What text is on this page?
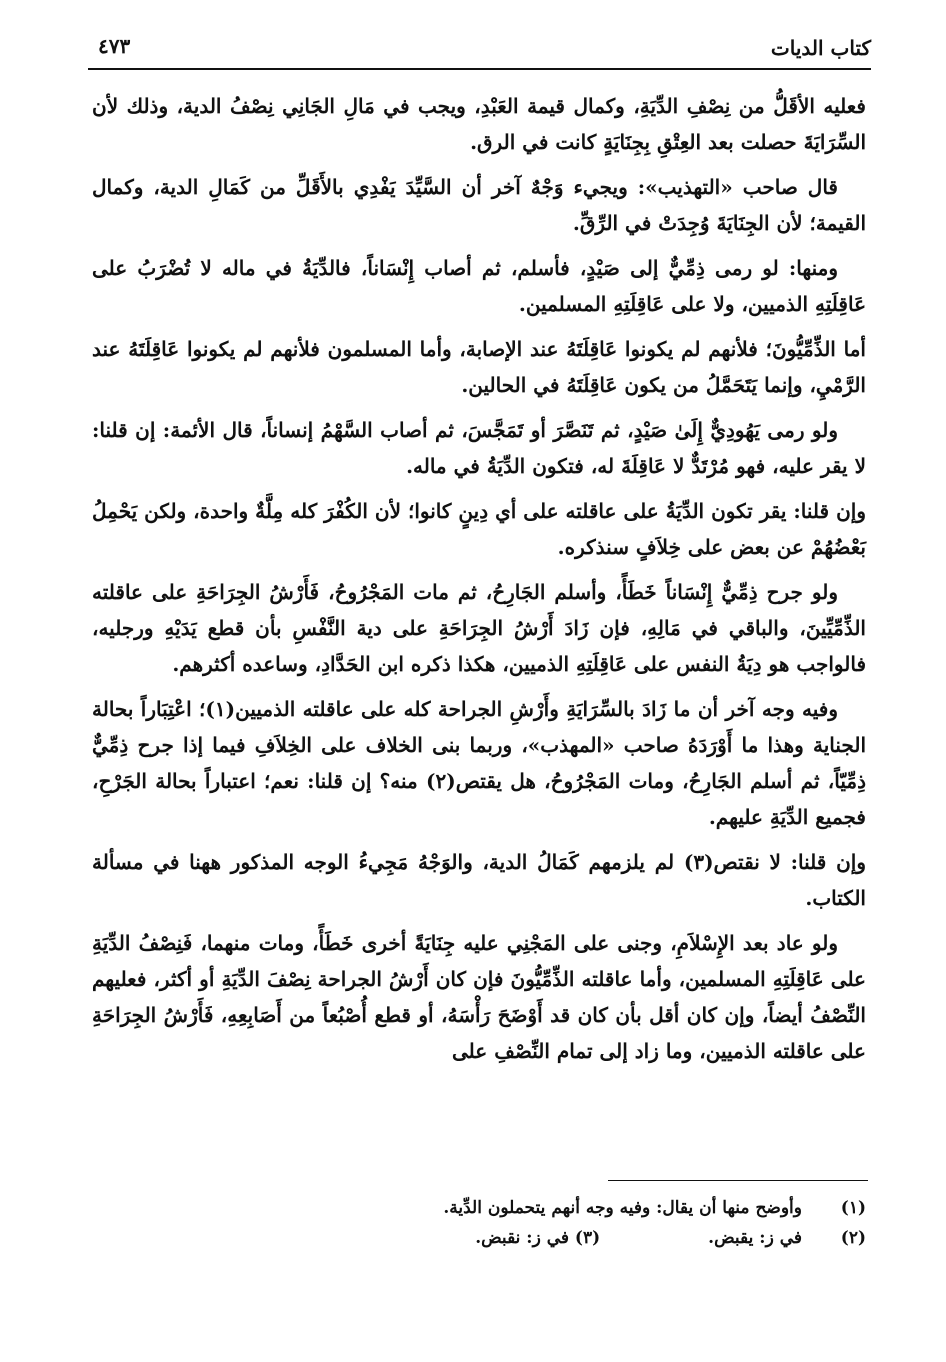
كتاب الديات
٤٧٣

فعليه الأقَلُّ من نِصْفِ الدِّيَةِ، وكمال قيمة العَبْدِ، ويجب في مَالِ الجَانِي نِصْفُ الدية، وذلك لأن السِّرَايَةَ حصلت بعد العِتْقِ بِجِنَايَةٍ كانت في الرق.

قال صاحب «التهذيب»: ويجيء وَجْهٌ آخر أن السَّيِّدَ يَفْدِي بالأَقَلِّ من كَمَالِ الدية، وكمال القيمة؛ لأن الجِنَايَةَ وُجِدَتْ في الرِّقِّ.

ومنها: لو رمى ذِمِّيٌّ إلى صَيْدٍ، فأسلم، ثم أصاب إِنْسَاناً، فالدِّيَةُ في ماله لا تُضْرَبُ على عَاقِلَتِهِ الذميين، ولا على عَاقِلَتِهِ المسلمين.

أما الذِّمِّيُّونَ؛ فلأنهم لم يكونوا عَاقِلَتَهُ عند الإصابة، وأما المسلمون فلأنهم لم يكونوا عَاقِلَتَهُ عند الرَّمْيِ، وإنما يَتَحَمَّلُ من يكون عَاقِلَتَهُ في الحالين.

ولو رمى يَهُودِيٌّ إِلَىٰ صَيْدٍ، ثم تَنَصَّرَ أو تَمَجَّسَ، ثم أصاب السَّهْمُ إنساناً، قال الأئمة: إن قلنا: لا يقر عليه، فهو مُرْتَدٌّ لا عَاقِلَةَ له، فتكون الدِّيَةُ في ماله.

وإن قلنا: يقر تكون الدِّيَةُ على عاقلته على أي دِينٍ كانوا؛ لأن الكُفْرَ كله مِلَّةٌ واحدة، ولكن يَحْمِلُ بَعْضُهُمْ عن بعض على خِلاَفٍ سنذكره.

ولو جرح ذِمِّيٌّ إِنْسَاناً خَطَأً، وأسلم الجَارِحُ، ثم مات المَجْرُوحُ، فَأَرْشُ الجِرَاحَةِ على عاقلته الذِّمِّيِّينَ، والباقي في مَالِهِ، فإن زَادَ أَرْشُ الجِرَاحَةِ على دية النَّفْسِ بأن قطع يَدَيْهِ ورجليه، فالواجب هو دِيَةُ النفس على عَاقِلَتِهِ الذميين، هكذا ذكره ابن الحَدَّادِ، وساعده أكثرهم.

وفيه وجه آخر أن ما زَادَ بالسِّرَايَةِ وأَرْشِ الجراحة كله على عاقلته الذميين(١)؛ اعْتِبَاراً بحالة الجناية وهذا ما أَوْرَدَهُ صاحب «المهذب»، وربما بنى الخلاف على الخِلاَفِ فيما إذا جرح ذِمِّيٌّ ذِمِّيّاً، ثم أسلم الجَارِحُ، ومات المَجْرُوحُ، هل يقتص(٢) منه؟ إن قلنا: نعم؛ اعتباراً بحالة الجَرْحِ، فجميع الدِّيَةِ عليهم.

وإن قلنا: لا نقتص(٣) لم يلزمهم كَمَالُ الدية، والوَجْهُ مَجِيءُ الوجه المذكور ههنا في مسألة الكتاب.

ولو عاد بعد الإِسْلاَمِ، وجنى على المَجْنِي عليه جِنَايَةً أخرى خَطَأً، ومات منهما، فَنِصْفُ الدِّيَةِ على عَاقِلَتِهِ المسلمين، وأما عاقلته الذِّمِّيُّونَ فإن كان أَرْشُ الجراحة نِصْفَ الدِّيَةِ أو أكثر، فعليهم النِّصْفُ أيضاً، وإن كان أقل بأن كان قد أَوْضَحَ رَأْسَهُ، أو قطع أُصْبُعاً من أَصَابِعِهِ، فَأَرْشُ الجِرَاحَةِ على عاقلته الذميين، وما زاد إلى تمام النِّصْفِ على

(١)
وأوضح منها أن يقال: وفيه وجه أنهم يتحملون الدِّية.
(٢)
في ز: يقبض.
(٣) في ز: نقبض.
